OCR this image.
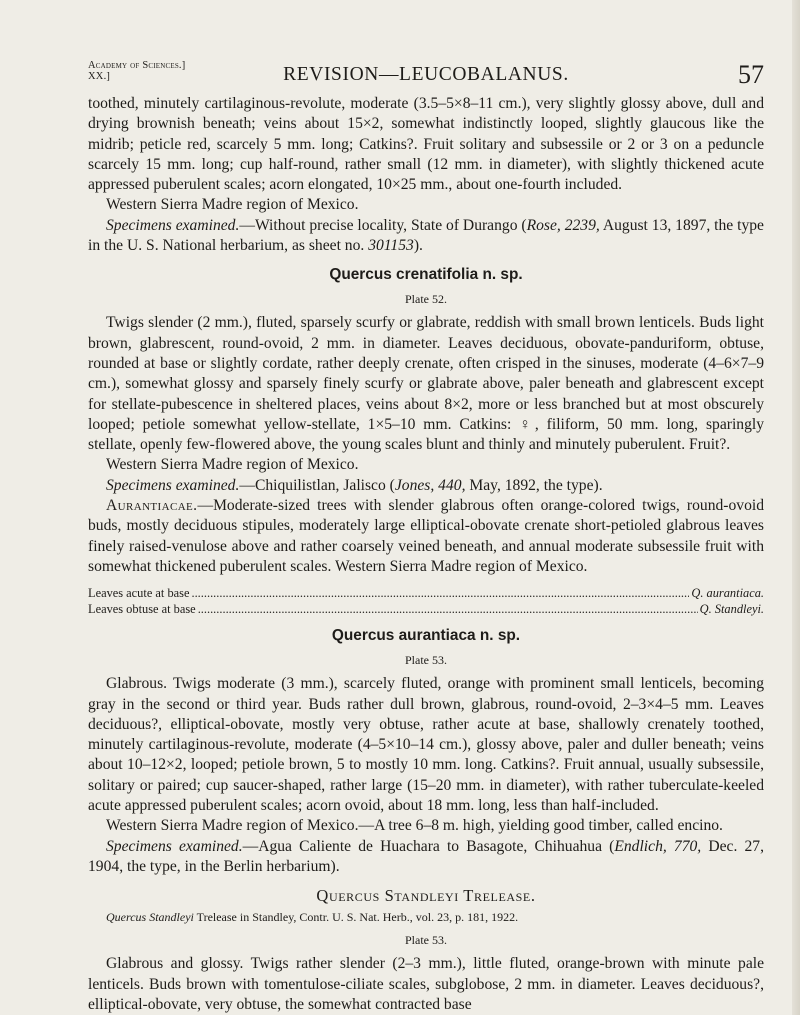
Academy of Sciences.]
XX.]	REVISION—LEUCOBALANUS.	57

toothed, minutely cartilaginous-revolute, moderate (3.5–5×8–11 cm.), very slightly glossy above, dull and drying brownish beneath; veins about 15×2, somewhat indistinctly looped, slightly glaucous like the midrib; peticle red, scarcely 5 mm. long; Catkins?. Fruit solitary and subsessile or 2 or 3 on a peduncle scarcely 15 mm. long; cup half-round, rather small (12 mm. in diameter), with slightly thickened acute appressed puberulent scales; acorn elongated, 10×25 mm., about one-fourth included.

Western Sierra Madre region of Mexico.

Specimens examined.—Without precise locality, State of Durango (Rose, 2239, August 13, 1897, the type in the U. S. National herbarium, as sheet no. 301153).

Quercus crenatifolia n. sp.
Plate 52.

Twigs slender (2 mm.), fluted, sparsely scurfy or glabrate, reddish with small brown lenticels. Buds light brown, glabrescent, round-ovoid, 2 mm. in diameter. Leaves deciduous, obovate-panduriform, obtuse, rounded at base or slightly cordate, rather deeply crenate, often crisped in the sinuses, moderate (4–6×7–9 cm.), somewhat glossy and sparsely finely scurfy or glabrate above, paler beneath and glabrescent except for stellate-pubescence in sheltered places, veins about 8×2, more or less branched but at most obscurely looped; petiole somewhat yellow-stellate, 1×5–10 mm. Catkins: ♀, filiform, 50 mm. long, sparingly stellate, openly few-flowered above, the young scales blunt and thinly and minutely puberulent. Fruit?.

Western Sierra Madre region of Mexico.

Specimens examined.—Chiquilistlan, Jalisco (Jones, 440, May, 1892, the type).

Aurantiacae.—Moderate-sized trees with slender glabrous often orange-colored twigs, round-ovoid buds, mostly deciduous stipules, moderately large elliptical-obovate crenate short-petioled glabrous leaves finely raised-venulose above and rather coarsely veined beneath, and annual moderate subsessile fruit with somewhat thickened puberulent scales. Western Sierra Madre region of Mexico.

Leaves acute at base .....	Q. aurantiaca.
Leaves obtuse at base .....	Q. Standleyi.
Quercus aurantiaca n. sp.
Plate 53.

Glabrous. Twigs moderate (3 mm.), scarcely fluted, orange with prominent small lenticels, becoming gray in the second or third year. Buds rather dull brown, glabrous, round-ovoid, 2–3×4–5 mm. Leaves deciduous?, elliptical-obovate, mostly very obtuse, rather acute at base, shallowly crenately toothed, minutely cartilaginous-revolute, moderate (4–5×10–14 cm.), glossy above, paler and duller beneath; veins about 10–12×2, looped; petiole brown, 5 to mostly 10 mm. long. Catkins?. Fruit annual, usually subsessile, solitary or paired; cup saucer-shaped, rather large (15–20 mm. in diameter), with rather tuberculate-keeled acute appressed puberulent scales; acorn ovoid, about 18 mm. long, less than half-included.

Western Sierra Madre region of Mexico.—A tree 6–8 m. high, yielding good timber, called encino.

Specimens examined.—Agua Caliente de Huachara to Basagote, Chihuahua (Endlich, 770, Dec. 27, 1904, the type, in the Berlin herbarium).

Quercus Standleyi Trelease.

Quercus Standleyi Trelease in Standley, Contr. U. S. Nat. Herb., vol. 23, p. 181, 1922.

Plate 53.

Glabrous and glossy. Twigs rather slender (2–3 mm.), little fluted, orange-brown with minute pale lenticels. Buds brown with tomentulose-ciliate scales, subglobose, 2 mm. in diameter. Leaves deciduous?, elliptical-obovate, very obtuse, the somewhat contracted base
